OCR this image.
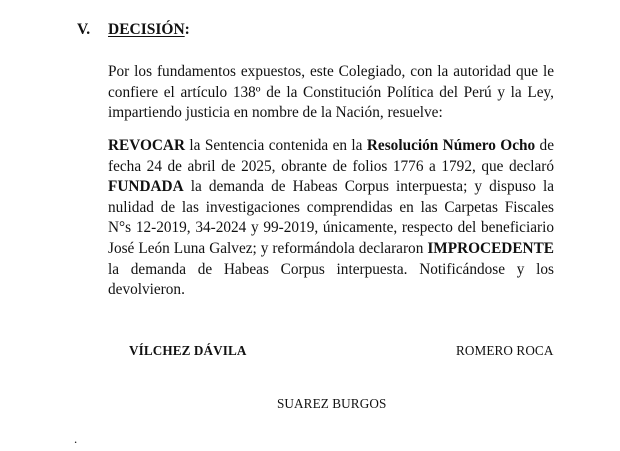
V. DECISIÓN:

Por los fundamentos expuestos, este Colegiado, con la autoridad que le confiere el artículo 138º de la Constitución Política del Perú y la Ley, impartiendo justicia en nombre de la Nación, resuelve:

REVOCAR la Sentencia contenida en la Resolución Número Ocho de fecha 24 de abril de 2025, obrante de folios 1776 a 1792, que declaró FUNDADA la demanda de Habeas Corpus interpuesta; y dispuso la nulidad de las investigaciones comprendidas en las Carpetas Fiscales N°s 12-2019, 34-2024 y 99-2019, únicamente, respecto del beneficiario José León Luna Galvez; y reformándola declararon IMPROCEDENTE la demanda de Habeas Corpus interpuesta. Notificándose y los devolvieron.

VÍLCHEZ DÁVILA	ROMERO ROCA
SUAREZ BURGOS
.
